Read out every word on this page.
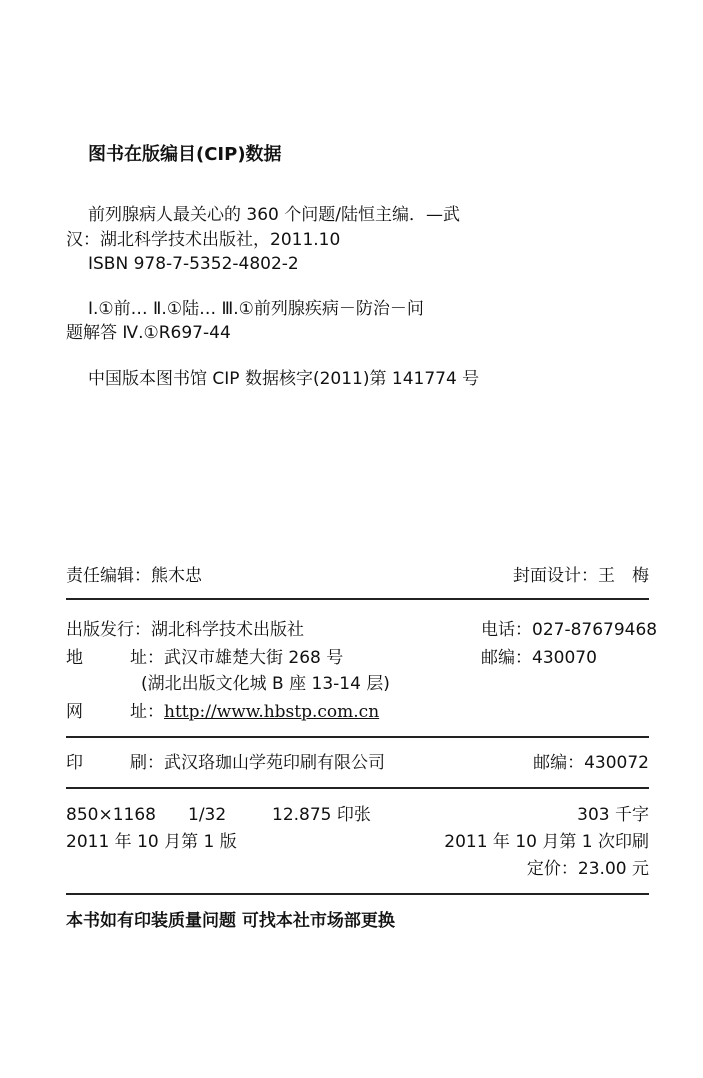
图书在版编目(CIP)数据
前列腺病人最关心的 360 个问题/陆恒主编．—武
汉：湖北科学技术出版社，2011.10
ISBN 978-7-5352-4802-2
Ⅰ.①前… Ⅱ.①陆… Ⅲ.①前列腺疾病－防治－问
题解答 Ⅳ.①R697-44
中国版本图书馆 CIP 数据核字(2011)第 141774 号
责任编辑：熊木忠	封面设计：王　梅
出版发行：湖北科学技术出版社	电话：027-87679468
地	址：武汉市雄楚大街 268 号	邮编：430070
(湖北出版文化城 B 座 13-14 层)
网	址：http://www.hbstp.com.cn
印	刷：武汉珞珈山学苑印刷有限公司	邮编：430072
850×1168 1/32	12.875 印张	303 千字
2011 年 10 月第 1 版	2011 年 10 月第 1 次印刷
定价：23.00 元
本书如有印装质量问题 可找本社市场部更换
